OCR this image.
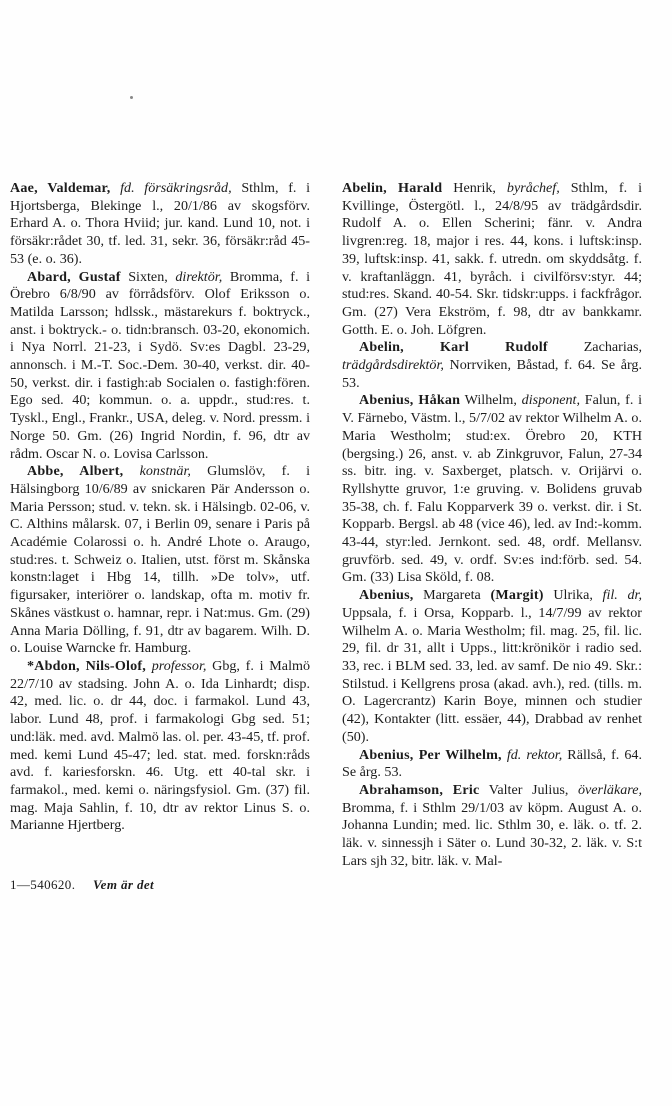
Aae, Valdemar, fd. försäkringsråd, Sthlm, f. i Hjortsberga, Blekinge l., 20/1/86 av skogsförv. Erhard A. o. Thora Hviid; jur. kand. Lund 10, not. i försäkr:rådet 30, tf. led. 31, sekr. 36, försäkr:råd 45-53 (e. o. 36).

Abard, Gustaf Sixten, direktör, Bromma, f. i Örebro 6/8/90 av förrådsförv. Olof Eriksson o. Matilda Larsson; hdlssk., mästarekurs f. boktryck., anst. i boktryck.- o. tidn:bransch. 03-20, ekonomich. i Nya Norrl. 21-23, i Sydö. Sv:es Dagbl. 23-29, annonsch. i M.-T. Soc.-Dem. 30-40, verkst. dir. 40-50, verkst. dir. i fastigh:ab Socialen o. fastigh:fören. Ego sed. 40; kommun. o. a. uppdr., stud:res. t. Tyskl., Engl., Frankr., USA, deleg. v. Nord. pressm. i Norge 50. Gm. (26) Ingrid Nordin, f. 96, dtr av rådm. Oscar N. o. Lovisa Carlsson.

Abbe, Albert, konstnär, Glumslöv, f. i Hälsingborg 10/6/89 av snickaren Pär Andersson o. Maria Persson; stud. v. tekn. sk. i Hälsingb. 02-06, v. C. Althins målarsk. 07, i Berlin 09, senare i Paris på Académie Colarossi o. h. André Lhote o. Araugo, stud:res. t. Schweiz o. Italien, utst. först m. Skånska konstn:laget i Hbg 14, tillh. »De tolv», utf. figursaker, interiörer o. landskap, ofta m. motiv fr. Skånes västkust o. hamnar, repr. i Nat:mus. Gm. (29) Anna Maria Dölling, f. 91, dtr av bagarem. Wilh. D. o. Louise Warncke fr. Hamburg.

*Abdon, Nils-Olof, professor, Gbg, f. i Malmö 22/7/10 av stadsing. John A. o. Ida Linhardt; disp. 42, med. lic. o. dr 44, doc. i farmakol. Lund 43, labor. Lund 48, prof. i farmakologi Gbg sed. 51; und:läk. med. avd. Malmö las. ol. per. 43-45, tf. prof. med. kemi Lund 45-47; led. stat. med. forskn:råds avd. f. kariesforskn. 46. Utg. ett 40-tal skr. i farmakol., med. kemi o. näringsfysiol. Gm. (37) fil. mag. Maja Sahlin, f. 10, dtr av rektor Linus S. o. Marianne Hjertberg.

Abelin, Harald Henrik, byråchef, Sthlm, f. i Kvillinge, Östergötl. l., 24/8/95 av trädgårdsdir. Rudolf A. o. Ellen Scherini; fänr. v. Andra livgren:reg. 18, major i res. 44, kons. i luftsk:insp. 39, luftsk:insp. 41, sakk. f. utredn. om skyddsåtg. f. v. kraftanläggn. 41, byråch. i civilförsv:styr. 44; stud:res. Skand. 40-54. Skr. tidskr:upps. i fackfrågor. Gm. (27) Vera Ekström, f. 98, dtr av bankkamr. Gotth. E. o. Joh. Löfgren.

Abelin, Karl Rudolf	Zacharias, trädgårdsdirektör, Norrviken, Båstad, f. 64. Se årg. 53.

Abenius, Håkan Wilhelm, disponent, Falun, f. i V. Färnebo, Västm. l., 5/7/02 av rektor Wilhelm A. o. Maria Westholm; stud:ex. Örebro 20, KTH (bergsing.) 26, anst. v. ab Zinkgruvor, Falun, 27-34 ss. bitr. ing. v. Saxberget, platsch. v. Orijärvi o. Ryllshytte gruvor, 1:e gruving. v. Bolidens gruvab 35-38, ch. f. Falu Kopparverk 39 o. verkst. dir. i St. Kopparb. Bergsl. ab 48 (vice 46), led. av Ind:-komm. 43-44, styr:led. Jernkont. sed. 48, ordf. Mellansv. gruvförb. sed. 49, v. ordf. Sv:es ind:förb. sed. 54. Gm. (33) Lisa Sköld, f. 08.

Abenius, Margareta (Margit) Ulrika, fil. dr, Uppsala, f. i Orsa, Kopparb. l., 14/7/99 av rektor Wilhelm A. o. Maria Westholm; fil. mag. 25, fil. lic. 29, fil. dr 31, allt i Upps., litt:krönikör i radio sed. 33, rec. i BLM sed. 33, led. av samf. De nio 49. Skr.: Stilstud. i Kellgrens prosa (akad. avh.), red. (tills. m. O. Lagercrantz) Karin Boye, minnen och studier (42), Kontakter (litt. essäer, 44), Drabbad av renhet (50).

Abenius, Per Wilhelm, fd. rektor, Rällså, f. 64. Se årg. 53.

Abrahamson, Eric Valter Julius, överläkare, Bromma, f. i Sthlm 29/1/03 av köpm. August A. o. Johanna Lundin; med. lic. Sthlm 30, e. läk. o. tf. 2. läk. v. sinnessjh i Säter o. Lund 30-32, 2. läk. v. S:t Lars sjh 32, bitr. läk. v. Mal-

1—540620. Vem är det
